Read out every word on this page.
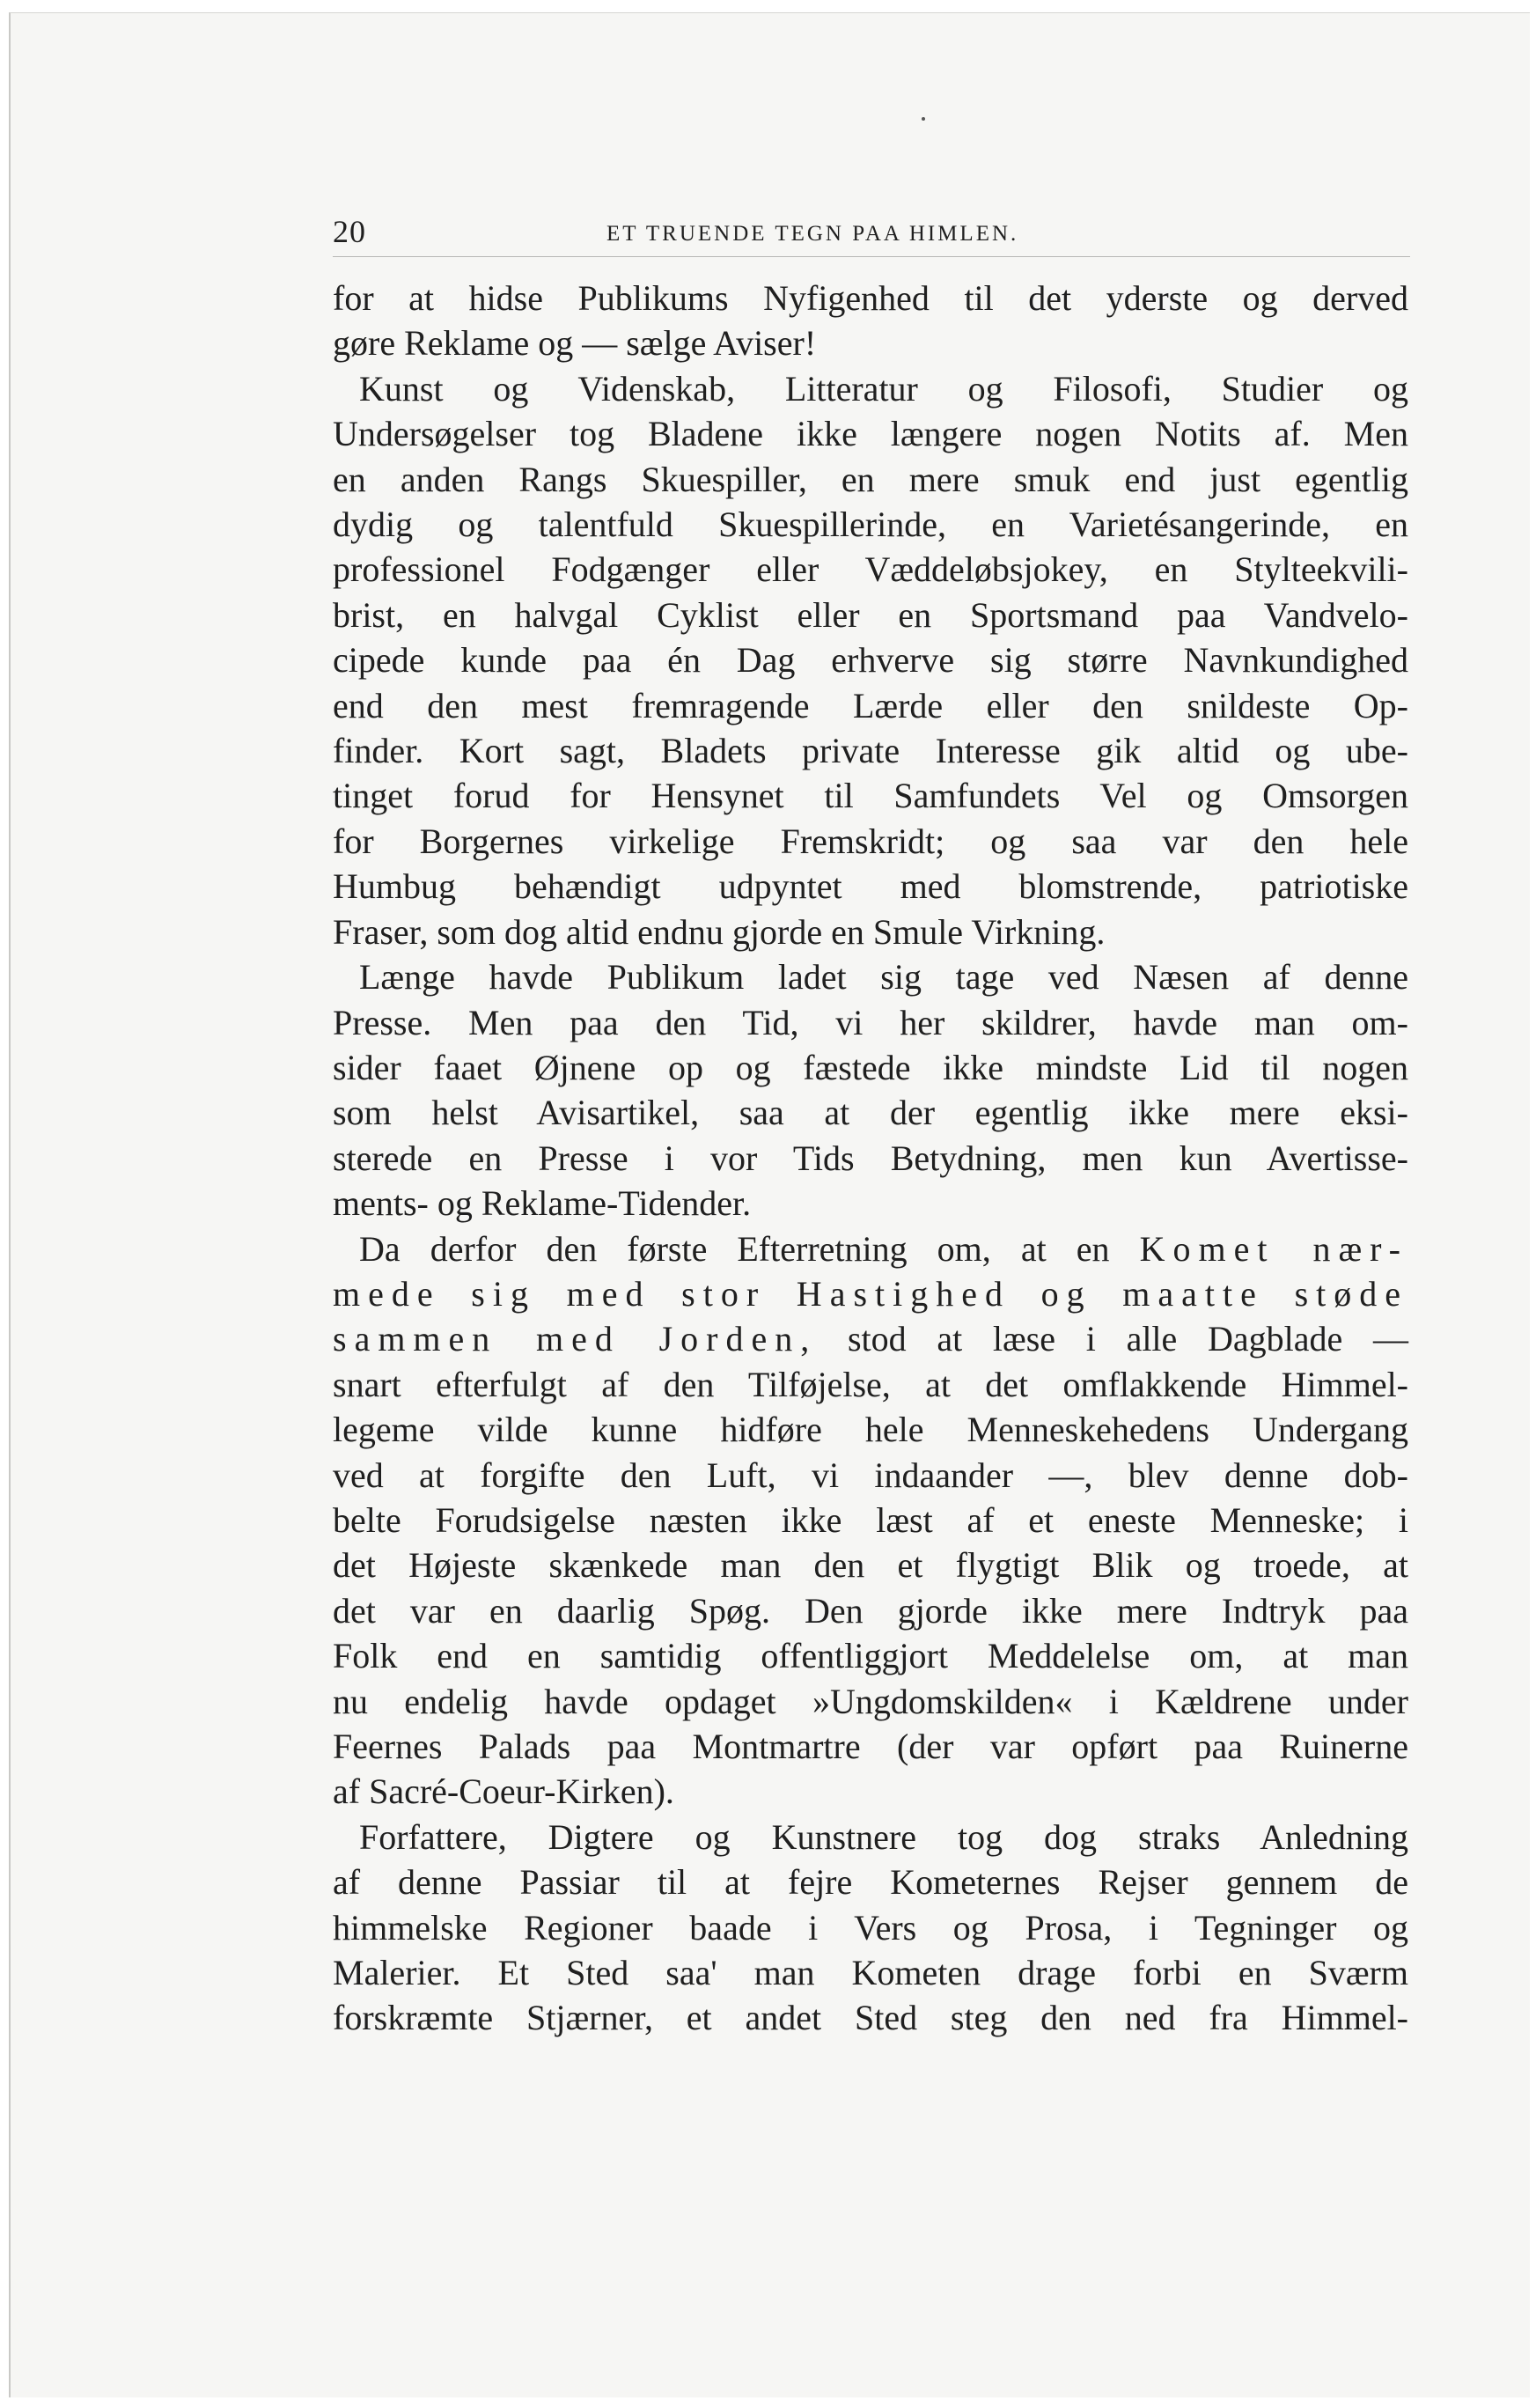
20	ET TRUENDE TEGN PAA HIMLEN.

for at hidse Publikums Nyfigenhed til det yderste og derved
gøre Reklame og — sælge Aviser!

Kunst og Videnskab, Litteratur og Filosofi, Studier og
Undersøgelser tog Bladene ikke længere nogen Notits af. Men
en anden Rangs Skuespiller, en mere smuk end just egentlig
dydig og talentfuld Skuespillerinde, en Varietésangerinde, en
professionel Fodgænger eller Væddeløbsjokey, en Stylteekvili-
brist, en halvgal Cyklist eller en Sportsmand paa Vandvelo-
cipede kunde paa én Dag erhverve sig større Navnkundighed
end den mest fremragende Lærde eller den snildeste Op-
finder. Kort sagt, Bladets private Interesse gik altid og ube-
tinget forud for Hensynet til Samfundets Vel og Omsorgen
for Borgernes virkelige Fremskridt; og saa var den hele
Humbug behændigt udpyntet med blomstrende, patriotiske
Fraser, som dog altid endnu gjorde en Smule Virkning.

Længe havde Publikum ladet sig tage ved Næsen af denne
Presse. Men paa den Tid, vi her skildrer, havde man om-
sider faaet Øjnene op og fæstede ikke mindste Lid til nogen
som helst Avisartikel, saa at der egentlig ikke mere eksi-
sterede en Presse i vor Tids Betydning, men kun Avertisse-
ments- og Reklame-Tidender.

Da derfor den første Efterretning om, at en Komet nær-
mede sig med stor Hastighed og maatte støde
sammen med Jorden, stod at læse i alle Dagblade —
snart efterfulgt af den Tilføjelse, at det omflakkende Himmel-
legeme vilde kunne hidføre hele Menneskehedens Undergang
ved at forgifte den Luft, vi indaander —, blev denne dob-
belte Forudsigelse næsten ikke læst af et eneste Menneske; i
det Højeste skænkede man den et flygtigt Blik og troede, at
det var en daarlig Spøg. Den gjorde ikke mere Indtryk paa
Folk end en samtidig offentliggjort Meddelelse om, at man
nu endelig havde opdaget »Ungdomskilden« i Kældrene under
Feernes Palads paa Montmartre (der var opført paa Ruinerne
af Sacré-Coeur-Kirken).

Forfattere, Digtere og Kunstnere tog dog straks Anledning
af denne Passiar til at fejre Kometernes Rejser gennem de
himmelske Regioner baade i Vers og Prosa, i Tegninger og
Malerier. Et Sted saa' man Kometen drage forbi en Sværm
forskræmte Stjærner, et andet Sted steg den ned fra Himmel-
